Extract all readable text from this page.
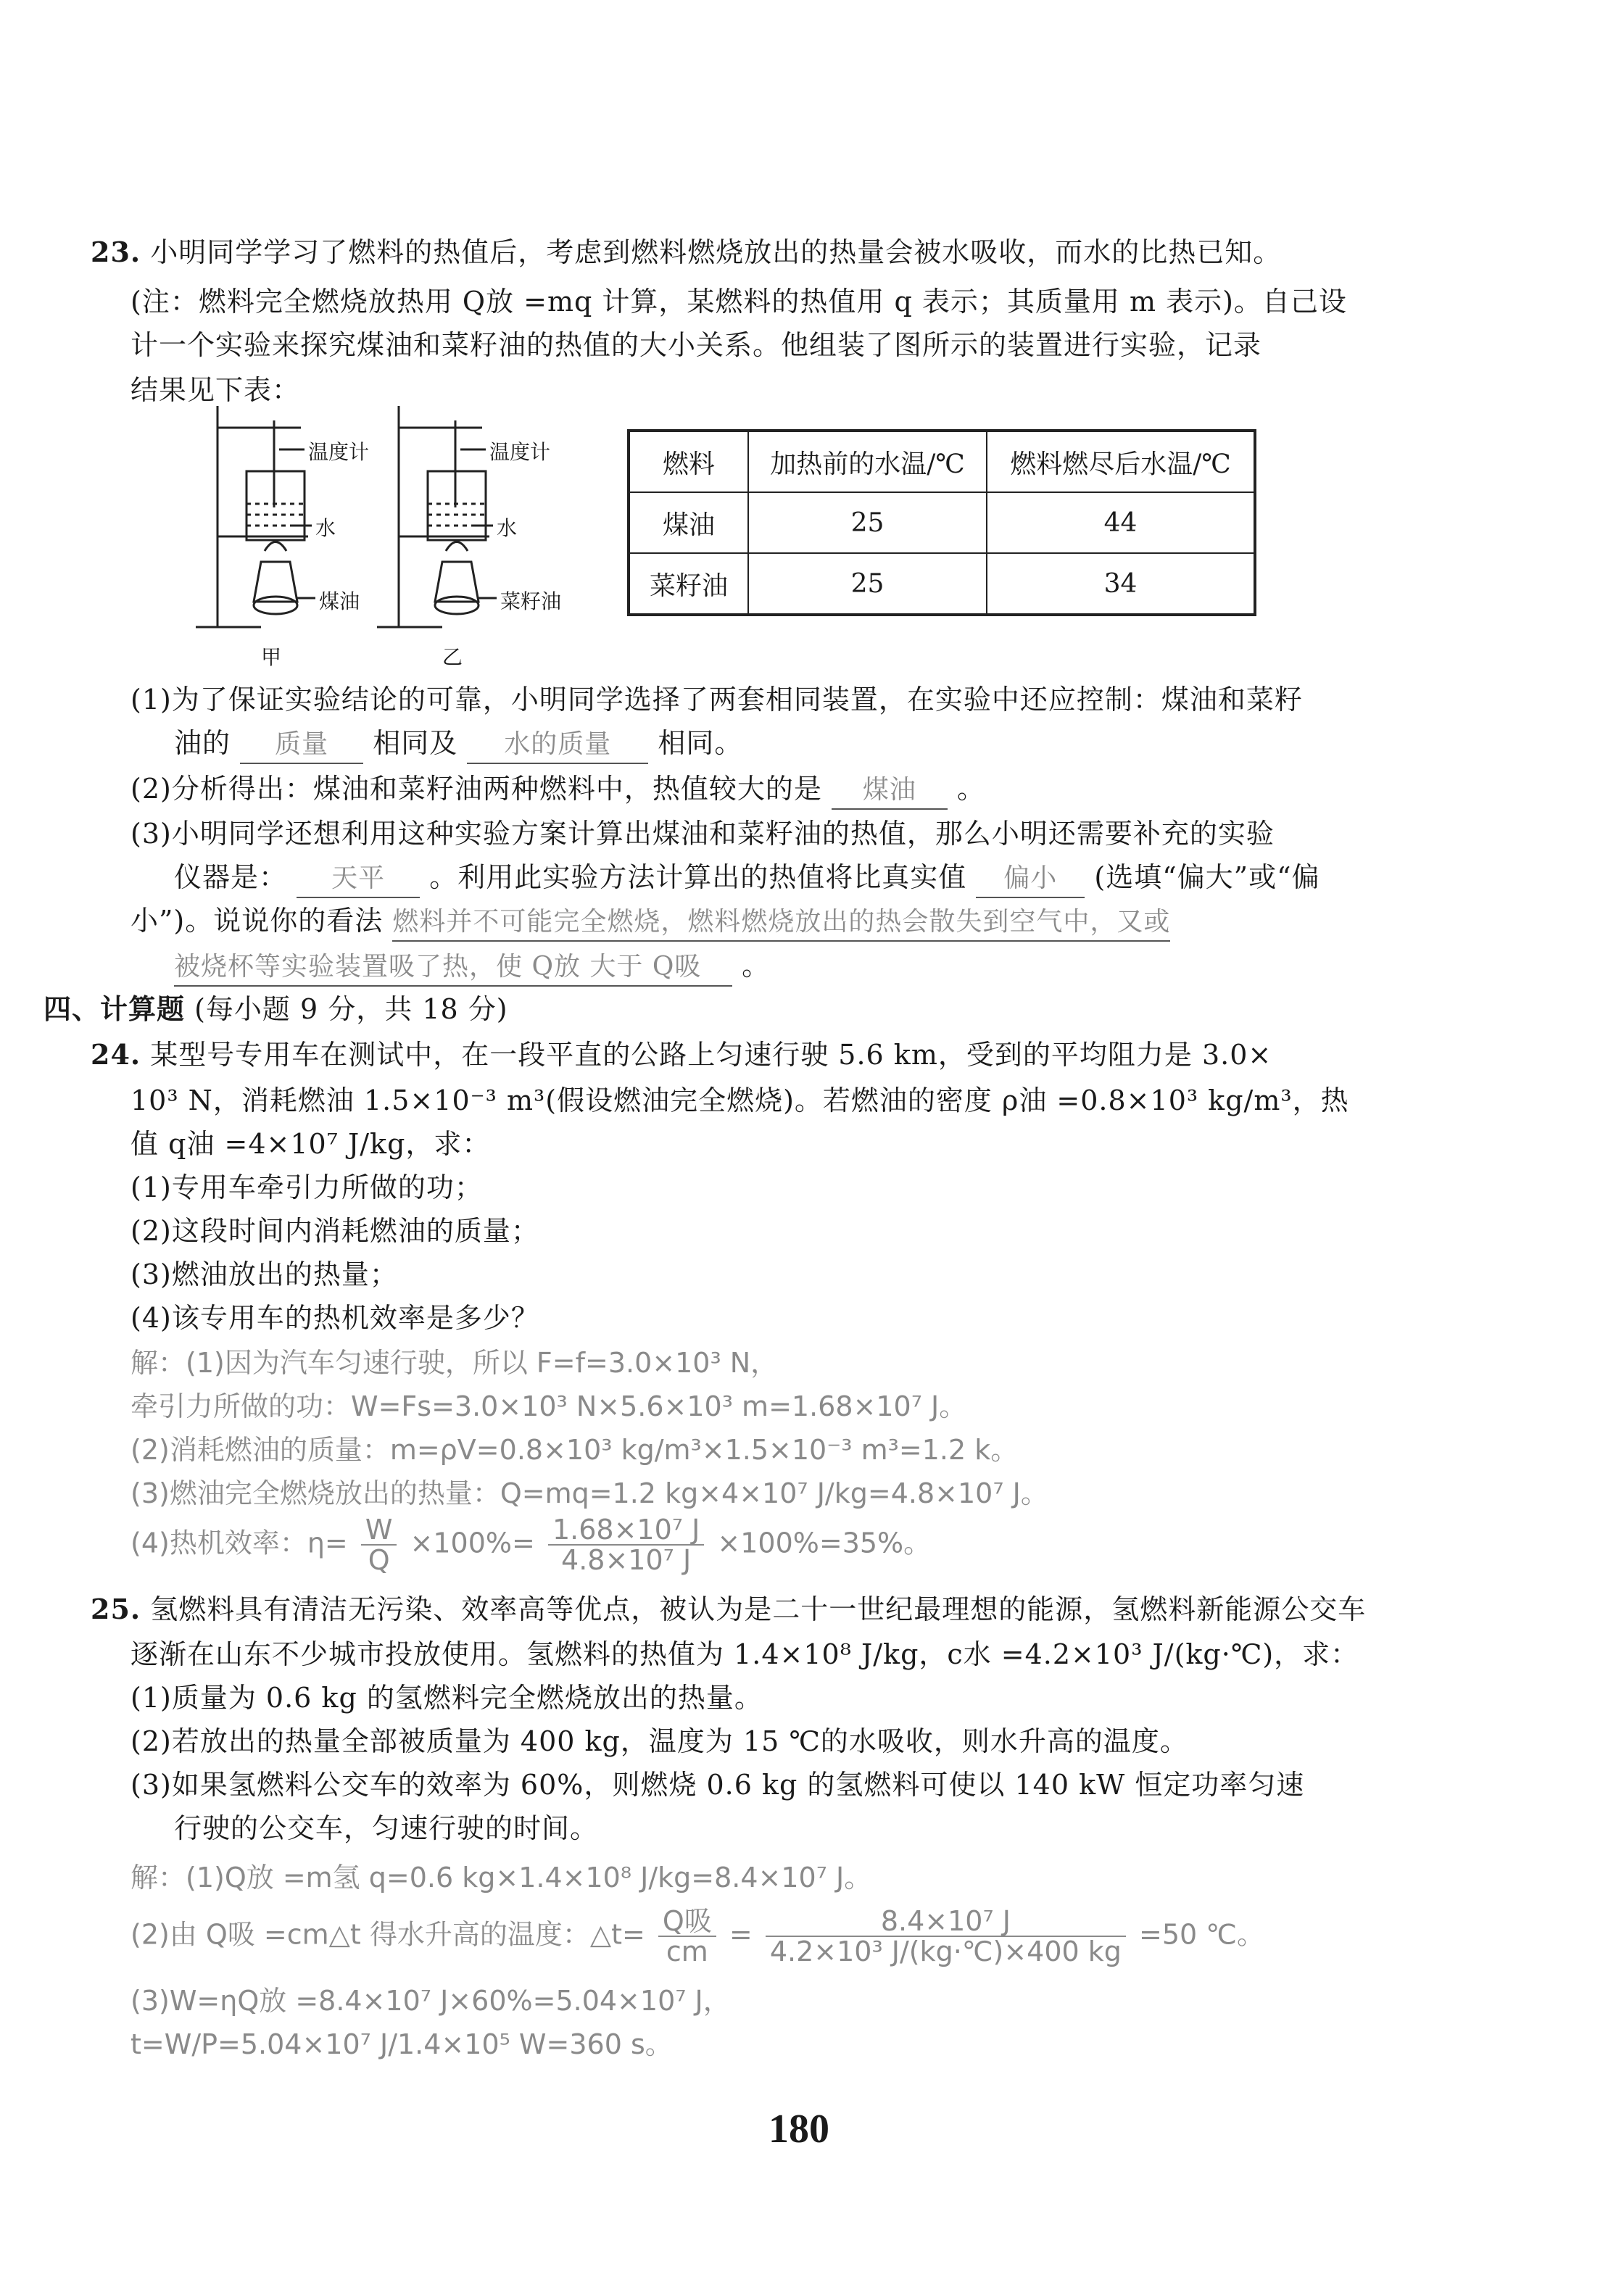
23. 小明同学学习了燃料的热值后，考虑到燃料燃烧放出的热量会被水吸收，而水的比热已知。
(注：燃料完全燃烧放热用 Q放 =mq 计算，某燃料的热值用 q 表示；其质量用 m 表示)。自己设
计一个实验来探究煤油和菜籽油的热值的大小关系。他组装了图所示的装置进行实验，记录
结果见下表：
温度计
水
煤油
甲
温度计
水
菜籽油
乙
燃料	加热前的水温/℃	燃料燃尽后水温/℃
煤油	25	44
菜籽油	25	34
(1)为了保证实验结论的可靠，小明同学选择了两套相同装置，在实验中还应控制：煤油和菜籽
油的 质量 相同及 水的质量 相同。
(2)分析得出：煤油和菜籽油两种燃料中，热值较大的是 煤油 。
(3)小明同学还想利用这种实验方案计算出煤油和菜籽油的热值，那么小明还需要补充的实验
仪器是： 天平 。利用此实验方法计算出的热值将比真实值 偏小 (选填“偏大”或“偏
小”)。说说你的看法 燃料并不可能完全燃烧，燃料燃烧放出的热会散失到空气中，又或
被烧杯等实验装置吸了热，使 Q放 大于 Q吸 。
四、计算题 (每小题 9 分，共 18 分)
24. 某型号专用车在测试中，在一段平直的公路上匀速行驶 5.6 km，受到的平均阻力是 3.0×
10³ N，消耗燃油 1.5×10⁻³ m³(假设燃油完全燃烧)。若燃油的密度 ρ油 =0.8×10³ kg/m³，热
值 q油 =4×10⁷ J/kg，求：
(1)专用车牵引力所做的功；
(2)这段时间内消耗燃油的质量；
(3)燃油放出的热量；
(4)该专用车的热机效率是多少？
解：(1)因为汽车匀速行驶，所以 F=f=3.0×10³ N，
牵引力所做的功：W=Fs=3.0×10³ N×5.6×10³ m=1.68×10⁷ J。
(2)消耗燃油的质量：m=ρV=0.8×10³ kg/m³×1.5×10⁻³ m³=1.2 k。
(3)燃油完全燃烧放出的热量：Q=mq=1.2 kg×4×10⁷ J/kg=4.8×10⁷ J。
(4)热机效率：$\eta= \frac{W}{Q} \times 100\%= \frac{\text{1.68×10⁷ J}}{\text{4.8×10⁷ J}} \times 100\%=35\%$。
25. 氢燃料具有清洁无污染、效率高等优点，被认为是二十一世纪最理想的能源，氢燃料新能源公交车
逐渐在山东不少城市投放使用。氢燃料的热值为 1.4×10⁸ J/kg，c水 =4.2×10³ J/(kg·℃)，求：
(1)质量为 0.6 kg 的氢燃料完全燃烧放出的热量。
(2)若放出的热量全部被质量为 400 kg，温度为 15 ℃的水吸收，则水升高的温度。
(3)如果氢燃料公交车的效率为 60%，则燃烧 0.6 kg 的氢燃料可使以 140 kW 恒定功率匀速
行驶的公交车，匀速行驶的时间。
解：(1)Q放 =m氢 q=0.6 kg×1.4×10⁸ J/kg=8.4×10⁷ J。
(2)由 Q吸 =cm△t 得水升高的温度：△t= $\frac{\text{Q吸}}{cm} = \frac{\text{8.4×10⁷ J}}{\text{4.2×10³ J/(kg·℃)×400 kg}} =50$ ℃。
(3)W=ηQ放 =8.4×10⁷ J×60%=5.04×10⁷ J，
t=W/P=5.04×10⁷ J/1.4×10⁵ W=360 s。
180
